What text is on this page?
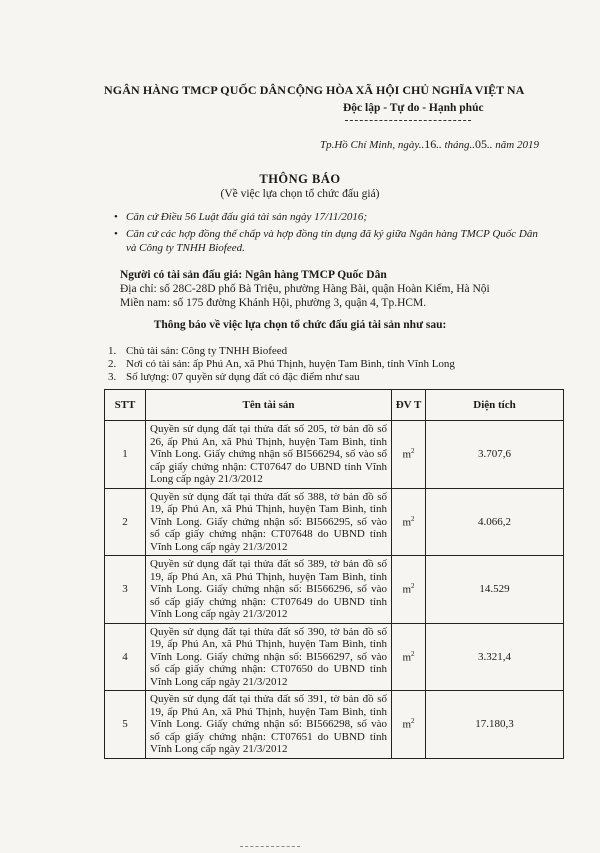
NGÂN HÀNG TMCP QUỐC DÂN CỘNG HÒA XÃ HỘI CHỦ NGHĨA VIỆT NA
Độc lập - Tự do - Hạnh phúc
Tp.Hồ Chí Minh, ngày..16.. tháng..05.. năm 2019
THÔNG BÁO
(Về việc lựa chọn tổ chức đấu giá)
• Căn cứ Điều 56 Luật đấu giá tài sản ngày 17/11/2016;
• Căn cứ các hợp đồng thế chấp và hợp đồng tín dụng đã ký giữa Ngân hàng TMCP Quốc Dân và Công ty TNHH Biofeed.
Người có tài sản đấu giá: Ngân hàng TMCP Quốc Dân
Địa chỉ: số 28C-28D phố Bà Triệu, phường Hàng Bài, quận Hoàn Kiếm, Hà Nội
Miền nam: số 175 đường Khánh Hội, phường 3, quận 4, Tp.HCM.
Thông báo về việc lựa chọn tổ chức đấu giá tài sản như sau:
1. Chủ tài sản: Công ty TNHH Biofeed
2. Nơi có tài sản: ấp Phú An, xã Phú Thịnh, huyện Tam Bình, tỉnh Vĩnh Long
3. Số lượng: 07 quyền sử dụng đất có đặc điểm như sau
STT	Tên tài sản	ĐV T	Diện tích
1	Quyền sử dụng đất tại thửa đất số 205, tờ bản đồ số 26, ấp Phú An, xã Phú Thịnh, huyện Tam Bình, tỉnh Vĩnh Long. Giấy chứng nhận số BI566294, số vào sổ cấp giấy chứng nhận: CT07647 do UBND tỉnh Vĩnh Long cấp ngày 21/3/2012	$m^2$	3.707,6
2	Quyền sử dụng đất tại thửa đất số 388, tờ bản đồ số 19, ấp Phú An, xã Phú Thịnh, huyện Tam Bình, tỉnh Vĩnh Long. Giấy chứng nhận số: BI566295, số vào sổ cấp giấy chứng nhận: CT07648 do UBND tỉnh Vĩnh Long cấp ngày 21/3/2012	$m^2$	4.066,2
3	Quyền sử dụng đất tại thửa đất số 389, tờ bản đồ số 19, ấp Phú An, xã Phú Thịnh, huyện Tam Bình, tỉnh Vĩnh Long. Giấy chứng nhận số: BI566296, số vào sổ cấp giấy chứng nhận: CT07649 do UBND tỉnh Vĩnh Long cấp ngày 21/3/2012	$m^2$	14.529
4	Quyền sử dụng đất tại thửa đất số 390, tờ bản đồ số 19, ấp Phú An, xã Phú Thịnh, huyện Tam Bình, tỉnh Vĩnh Long. Giấy chứng nhận số: BI566297, số vào sổ cấp giấy chứng nhận: CT07650 do UBND tỉnh Vĩnh Long cấp ngày 21/3/2012	$m^2$	3.321,4
5	Quyền sử dụng đất tại thửa đất số 391, tờ bản đồ số 19, ấp Phú An, xã Phú Thịnh, huyện Tam Bình, tỉnh Vĩnh Long. Giấy chứng nhận số: BI566298, số vào sổ cấp giấy chứng nhận: CT07651 do UBND tỉnh Vĩnh Long cấp ngày 21/3/2012	$m^2$	17.180,3
